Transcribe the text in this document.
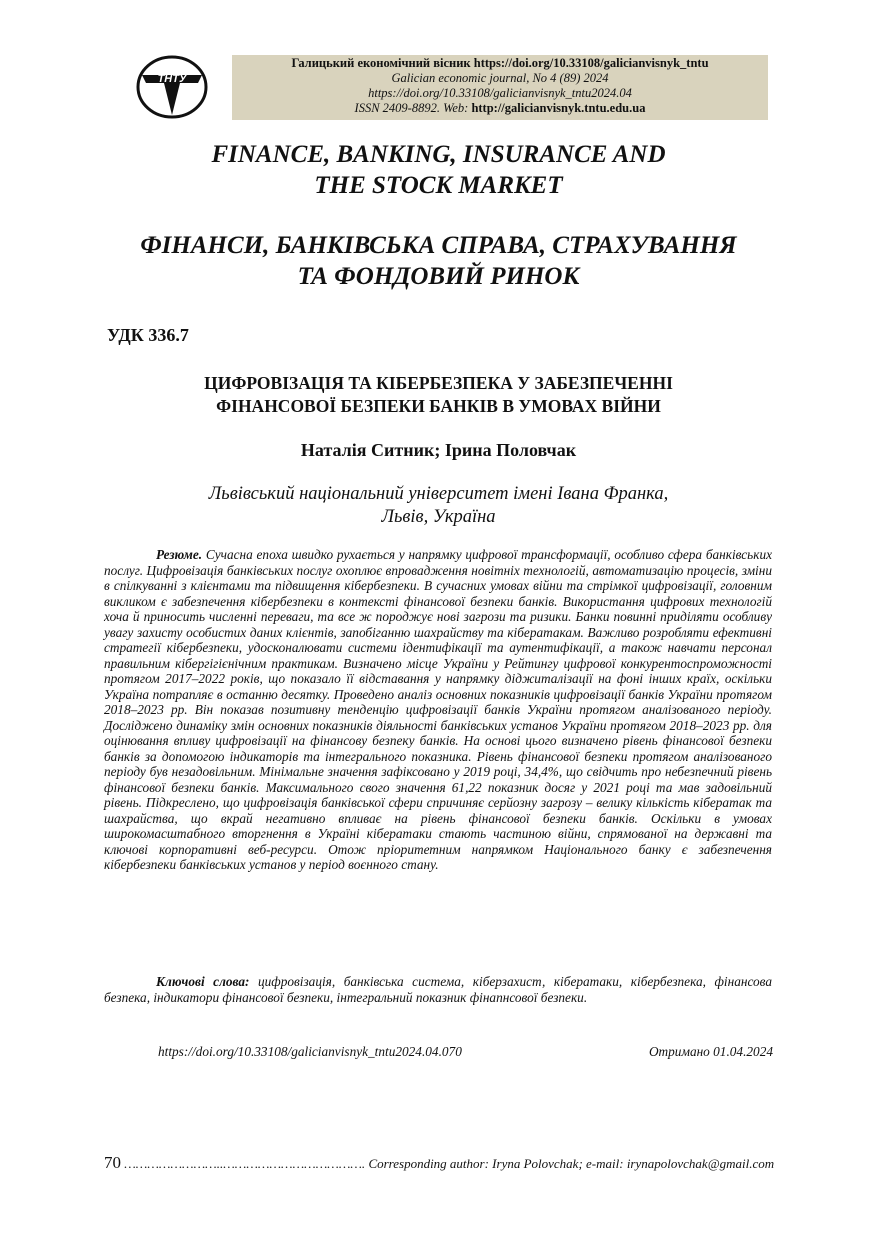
ТНТУ
Галицький економічний вісник https://doi.org/10.33108/galicianvisnyk_tntu
Galician economic journal, No 4 (89) 2024
https://doi.org/10.33108/galicianvisnyk_tntu2024.04
ISSN 2409-8892. Web: http://galicianvisnyk.tntu.edu.ua
FINANCE, BANKING, INSURANCE AND
THE STOCK MARKET
ФІНАНСИ, БАНКІВСЬКА СПРАВА, СТРАХУВАННЯ
ТА ФОНДОВИЙ РИНОК
УДК 336.7
ЦИФРОВІЗАЦІЯ ТА КІБЕРБЕЗПЕКА У ЗАБЕЗПЕЧЕННІ
ФІНАНСОВОЇ БЕЗПЕКИ БАНКІВ В УМОВАХ ВІЙНИ
Наталія Ситник; Ірина Половчак
Львівський національний університет імені Івана Франка,
Львів, Україна

Резюме. Сучасна епоха швидко рухається у напрямку цифрової трансформації, особливо сфера банківських послуг. Цифровізація банківських послуг охоплює впровадження новітніх технологій, автоматизацію процесів, зміни в спілкуванні з клієнтами та підвищення кібербезпеки. В сучасних умовах війни та стрімкої цифровізації, головним викликом є забезпечення кібербезпеки в контексті фінансової безпеки банків. Використання цифрових технологій хоча й приносить численні переваги, та все ж породжує нові загрози та ризики. Банки повинні приділяти особливу увагу захисту особистих даних клієнтів, запобіганню шахрайству та кібератакам. Важливо розробляти ефективні стратегії кібербезпеки, удосконалювати системи ідентифікації та аутентифікації, а також навчати персонал правильним кібергігієнічним практикам. Визначено місце України у Рейтингу цифрової конкурентоспроможності протягом 2017–2022 років, що показало її відставання у напрямку діджиталізації на фоні інших країх, оскільки Україна потрапляє в останню десятку. Проведено аналіз основних показників цифровізації банків України протягом 2018–2023 рр. Він показав позитивну тенденцію цифровізації банків України протягом аналізованого періоду. Досліджено динаміку змін основних показників діяльності банківських установ України протягом 2018–2023 рр. для оцінювання впливу цифровізації на фінансову безпеку банків. На основі цього визначено рівень фінансової безпеки банків за допомогою індикаторів та інтегрального показника. Рівень фінансової безпеки протягом аналізованого періоду був незадовільним. Мінімальне значення зафіксовано у 2019 році, 34,4%, що свідчить про небезпечний рівень фінансової безпеки банків. Максимального свого значення 61,22 показник досяг у 2021 році та мав задовільний рівень. Підкреслено, що цифровізація банківської сфери спричиняє серйозну загрозу – велику кількість кібератак та шахрайства, що вкрай негативно впливає на рівень фінансової безпеки банків. Оскільки в умовах широкомасштабного вторгнення в Україні кібератаки стають частиною війни, спрямованої на державні та ключові корпоративні веб-ресурси. Отож пріоритетним напрямком Національного банку є забезпечення кібербезпеки банківських установ у період воєнного стану.

Ключові слова: цифровізація, банківська система, кіберзахист, кібератаки, кібербезпека, фінансова безпека, індикатори фінансової безпеки, інтегральний показник фінапнсової безпеки.

https://doi.org/10.33108/galicianvisnyk_tntu2024.04.070	Отримано 01.04.2024
70 ……………………..………………………………. Corresponding author: Iryna Polovchak; e-mail: irynapolovchak@gmail.com
